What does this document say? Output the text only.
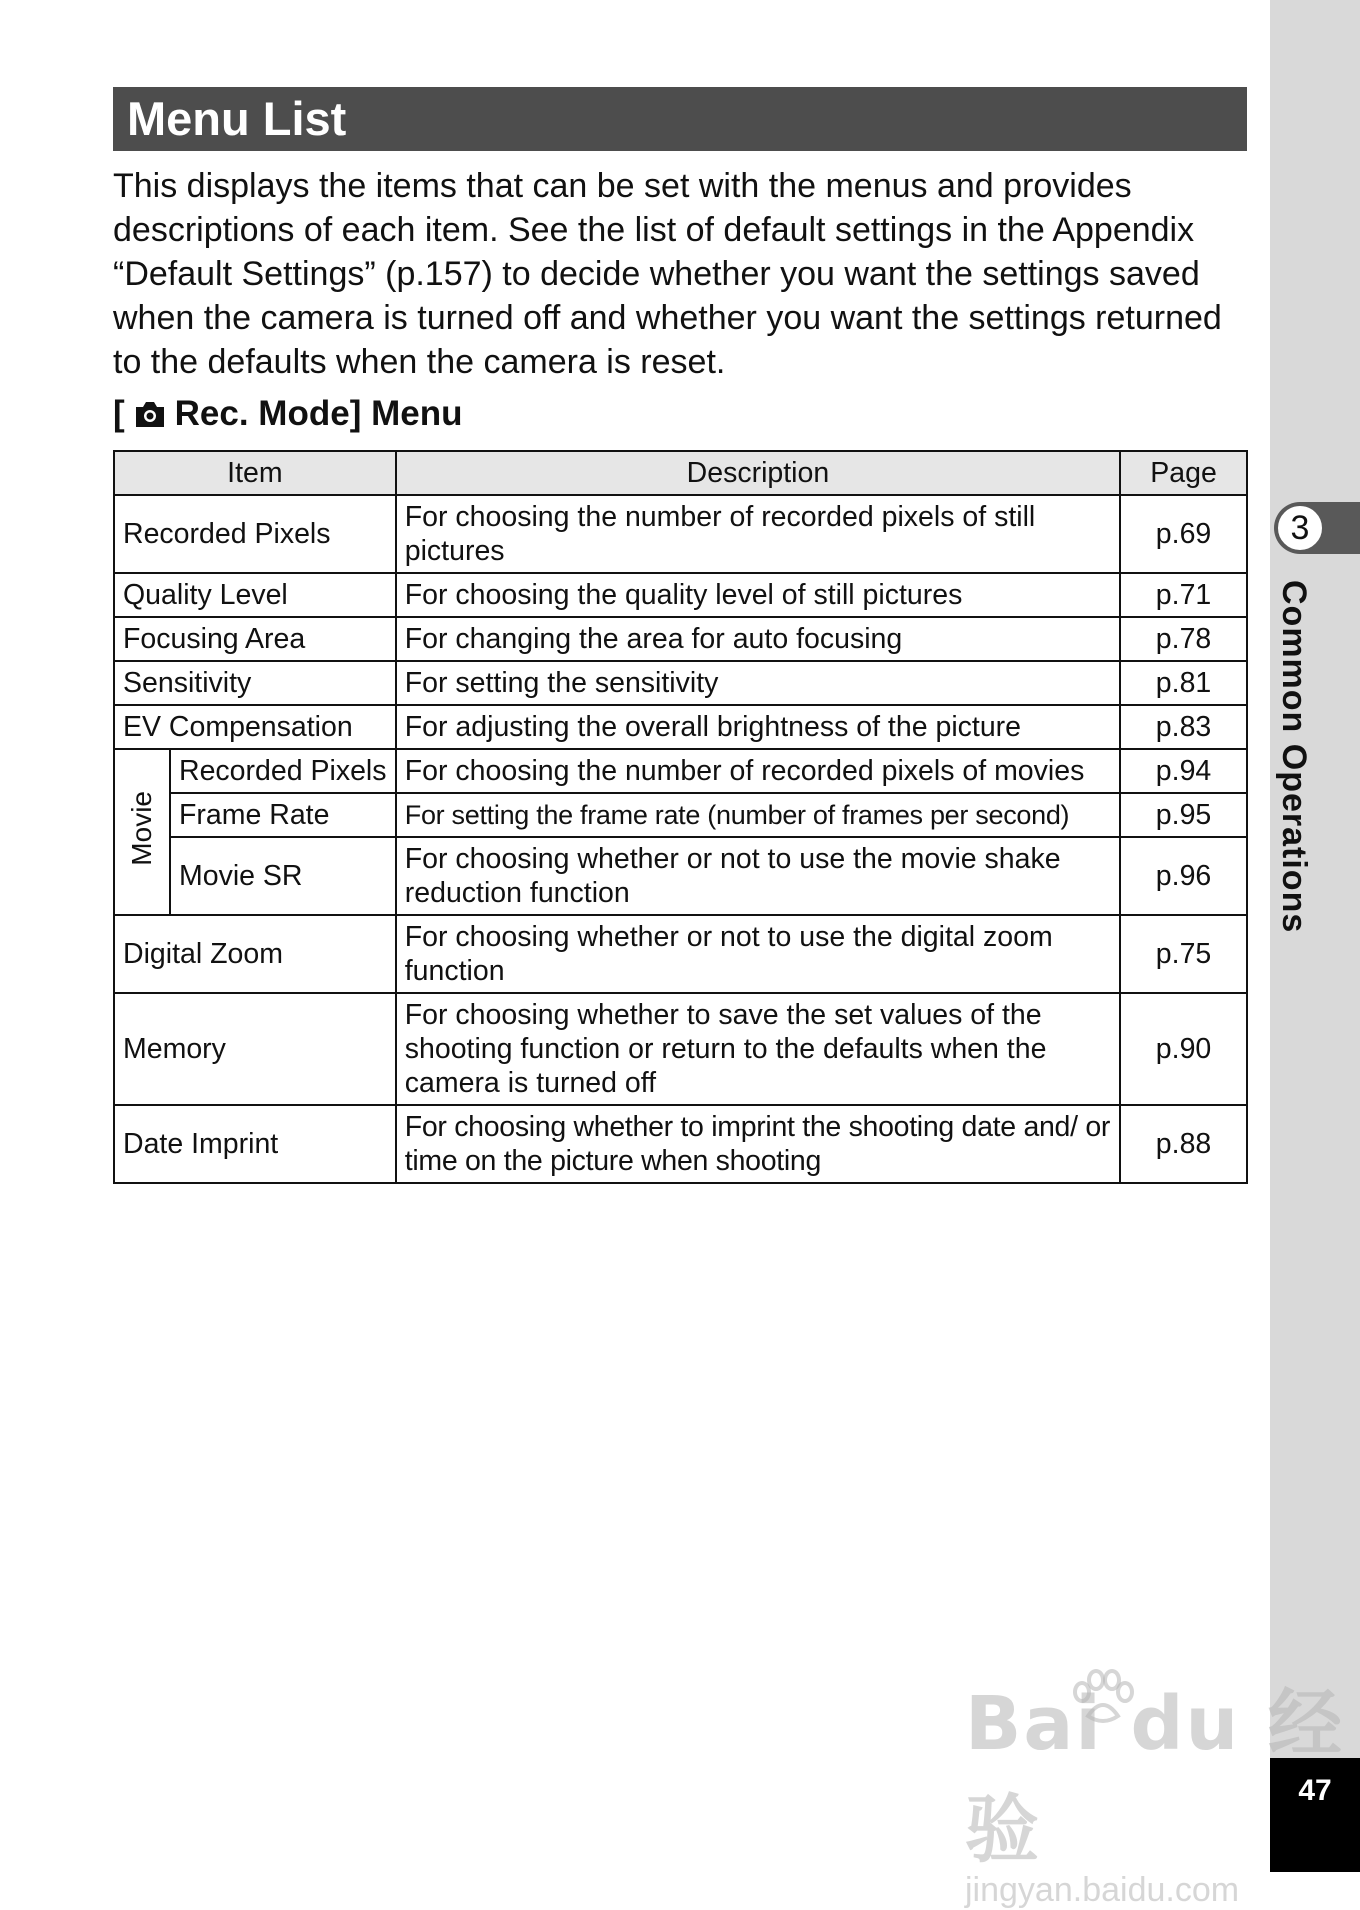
3
Common Operations
47
Menu List

This displays the items that can be set with the menus and provides descriptions of each item. See the list of default settings in the Appendix “Default Settings” (p.157) to decide whether you want the settings saved when the camera is turned off and whether you want the settings returned to the defaults when the camera is reset.

[ Rec. Mode] Menu
Item		Description	Page
Recorded Pixels		For choosing the number of recorded pixels of still pictures	p.69
Quality Level		For choosing the quality level of still pictures	p.71
Focusing Area		For changing the area for auto focusing	p.78
Sensitivity		For setting the sensitivity	p.81
EV Compensation		For adjusting the overall brightness of the picture	p.83
Movie	Recorded Pixels	For choosing the number of recorded pixels of movies	p.94
	Frame Rate	For setting the frame rate (number of frames per second)	p.95
	Movie SR	For choosing whether or not to use the movie shake reduction function	p.96
Digital Zoom		For choosing whether or not to use the digital zoom function	p.75
Memory		For choosing whether to save the set values of the shooting function or return to the defaults when the camera is turned off	p.90
Date Imprint		For choosing whether to imprint the shooting date and/ or time on the picture when shooting	p.88
Bai du 经验
jingyan.baidu.com
